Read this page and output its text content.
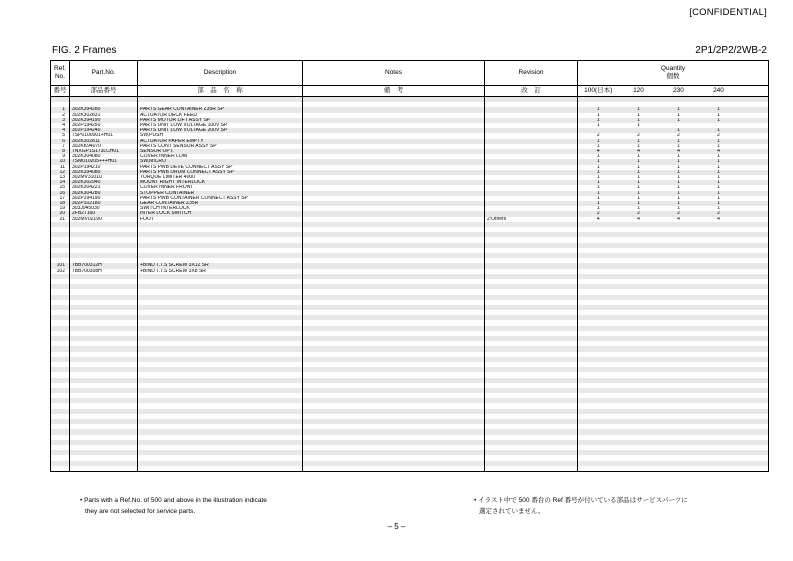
[CONFIDENTIAL]
FIG. 2 Frames	2P1/2P2/2WB-2
Ref. No.	Part.No.	Description	Notes	Revision	Quantity
個数				

番号	部品番号	部　品　名　称	備　考	改　訂	100(日本)	120	230	240	

1	302K394280	PARTS GEAR CONTAINER Z35R SP			1	1	1	1	
2	302K302831	ACTUATOR DECK FEED			1	1	1	1	
3	302K394190	PARTS MOTOR LIFT ASSY SP			1	1	1	1	
4	302P194250	PARTS UNIT LOW VOLTAGE 100V SP			1	1			
4	302P194240	PARTS UNIT LOW VOLTAGE 200V SP					1	1	
5	7SP0100001+H01	SW,PUSH			2	2	2	2	
6	302K302811	ACTUATOR PAPER EMPTY			1	1	1	1	
7	302KK94070	PARTS CONT SENSOR ASSY SP			1	1	1	1	
8	7NXGP1S173LCH01	SENSOR OPT.			4	4	4	4	
9	302K304080	COVER INNER LOW			1	1	1	1	
10	7SM010205+++H01	SW,MICRO			1	1	1	1	
11	302P194210	PARTS PWB DEVE CONNECT ASSY SP			1	1	1	1	
12	302K394080	PARTS PWB DRUM CONNECT ASSY SP			1	1	1	1	
13	302MV31010	TORQUE LIMITER 4000			1	1	1	1	
14	302K302940	MOUNT RIGHT INTERLOCK			1	1	1	1	
15	302K304221	COVER INNER FRONT			1	1	1	1	
16	302K304280	STOPPER CONTAINER			1	1	1	1	
17	302P194190	PARTS PWB CONTAINER CONNECT ASSY SP			1	1	1	1	
18	302P102180	GEAR CONTAINER Z35R			1	1	1	1	
19	303J945030	SWITCH INTERLOCK			1	1	1	1	
20	2FB27160	INTER LOCK SWITCH			2	2	2	2	
21	302MV02190	FOOT		2:Others	4	4	4	4	

101	7BB700312H	+BIND T.T.S SCREW 3X12 SR							
102	7BB700308H	+BIND T.T.S SCREW 3X8 SR							

• Parts with a Ref.No. of 500 and above in the illustration indicate
they are not selected for service parts.
• イラスト中で 500 番台の Ref 番号が付いている部品はサービスパーツに
選定されていません。
– 5 –
